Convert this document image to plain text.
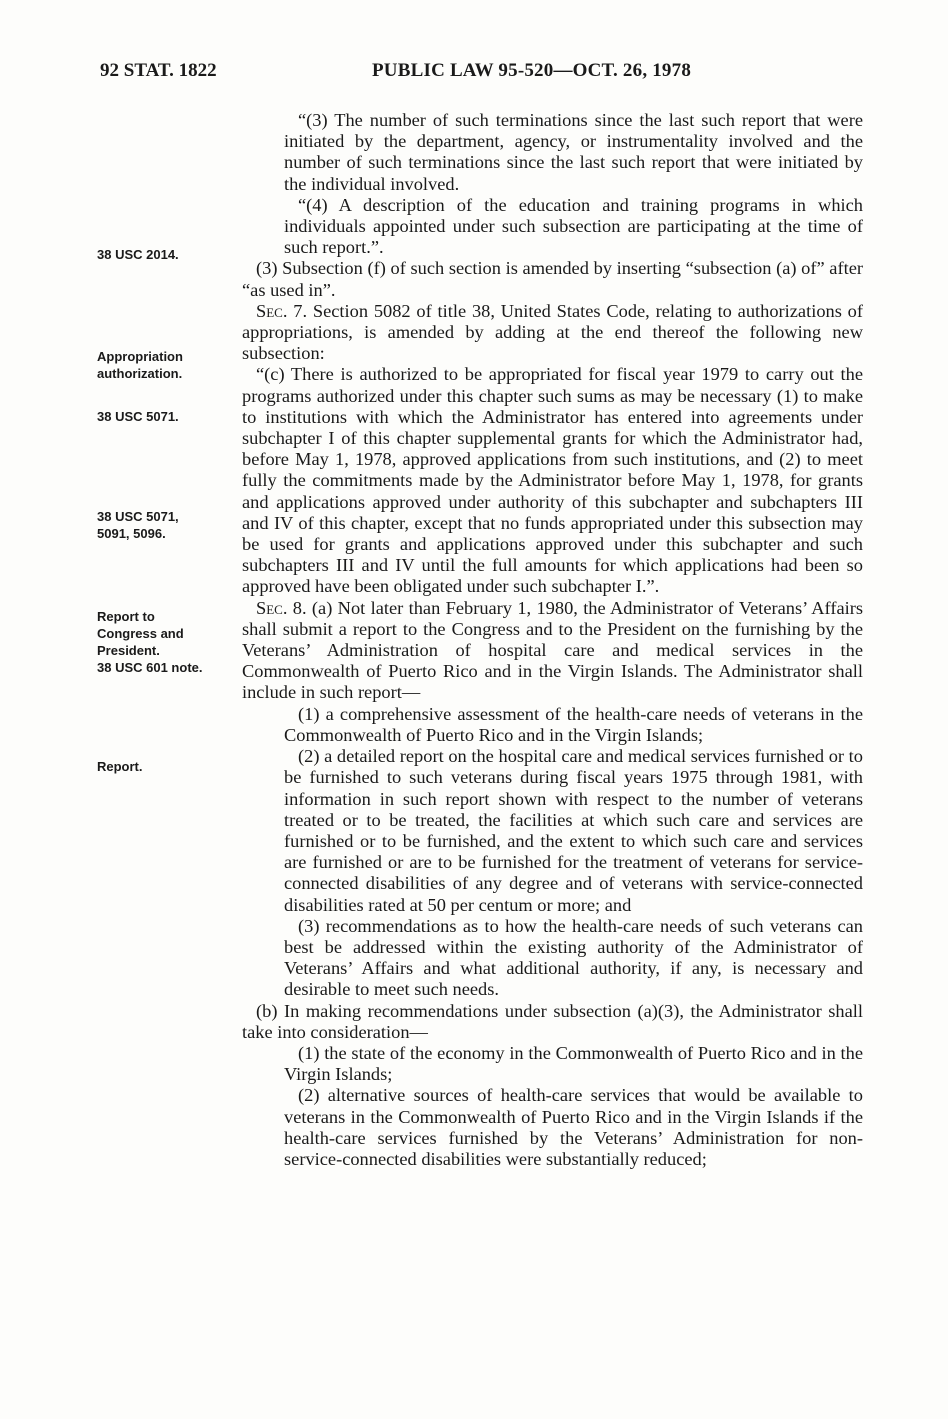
92 STAT. 1822	PUBLIC LAW 95-520—OCT. 26, 1978
38 USC 2014.
Appropriation
authorization.
38 USC 5071.
38 USC 5071,
5091, 5096.
Report to
Congress and
President.
38 USC 601 note.
Report.

“(3) The number of such terminations since the last such report that were initiated by the department, agency, or instrumentality involved and the number of such terminations since the last such report that were initiated by the individual involved.

“(4) A description of the education and training programs in which individuals appointed under such subsection are participating at the time of such report.”.

(3) Subsection (f) of such section is amended by inserting “subsection (a) of” after “as used in”.

Sec. 7. Section 5082 of title 38, United States Code, relating to authorizations of appropriations, is amended by adding at the end thereof the following new subsection:

“(c) There is authorized to be appropriated for fiscal year 1979 to carry out the programs authorized under this chapter such sums as may be necessary (1) to make to institutions with which the Administrator has entered into agreements under subchapter I of this chapter supplemental grants for which the Administrator had, before May 1, 1978, approved applications from such institutions, and (2) to meet fully the commitments made by the Administrator before May 1, 1978, for grants and applications approved under authority of this subchapter and subchapters III and IV of this chapter, except that no funds appropriated under this subsection may be used for grants and applications approved under this subchapter and such subchapters III and IV until the full amounts for which applications had been so approved have been obligated under such subchapter I.”.

Sec. 8. (a) Not later than February 1, 1980, the Administrator of Veterans’ Affairs shall submit a report to the Congress and to the President on the furnishing by the Veterans’ Administration of hospital care and medical services in the Commonwealth of Puerto Rico and in the Virgin Islands. The Administrator shall include in such report—

(1) a comprehensive assessment of the health-care needs of veterans in the Commonwealth of Puerto Rico and in the Virgin Islands;

(2) a detailed report on the hospital care and medical services furnished or to be furnished to such veterans during fiscal years 1975 through 1981, with information in such report shown with respect to the number of veterans treated or to be treated, the facilities at which such care and services are furnished or to be furnished, and the extent to which such care and services are furnished or are to be furnished for the treatment of veterans for service-connected disabilities of any degree and of veterans with service-connected disabilities rated at 50 per centum or more; and

(3) recommendations as to how the health-care needs of such veterans can best be addressed within the existing authority of the Administrator of Veterans’ Affairs and what additional authority, if any, is necessary and desirable to meet such needs.

(b) In making recommendations under subsection (a)(3), the Administrator shall take into consideration—

(1) the state of the economy in the Commonwealth of Puerto Rico and in the Virgin Islands;

(2) alternative sources of health-care services that would be available to veterans in the Commonwealth of Puerto Rico and in the Virgin Islands if the health-care services furnished by the Veterans’ Administration for non-service-connected disabilities were substantially reduced;
